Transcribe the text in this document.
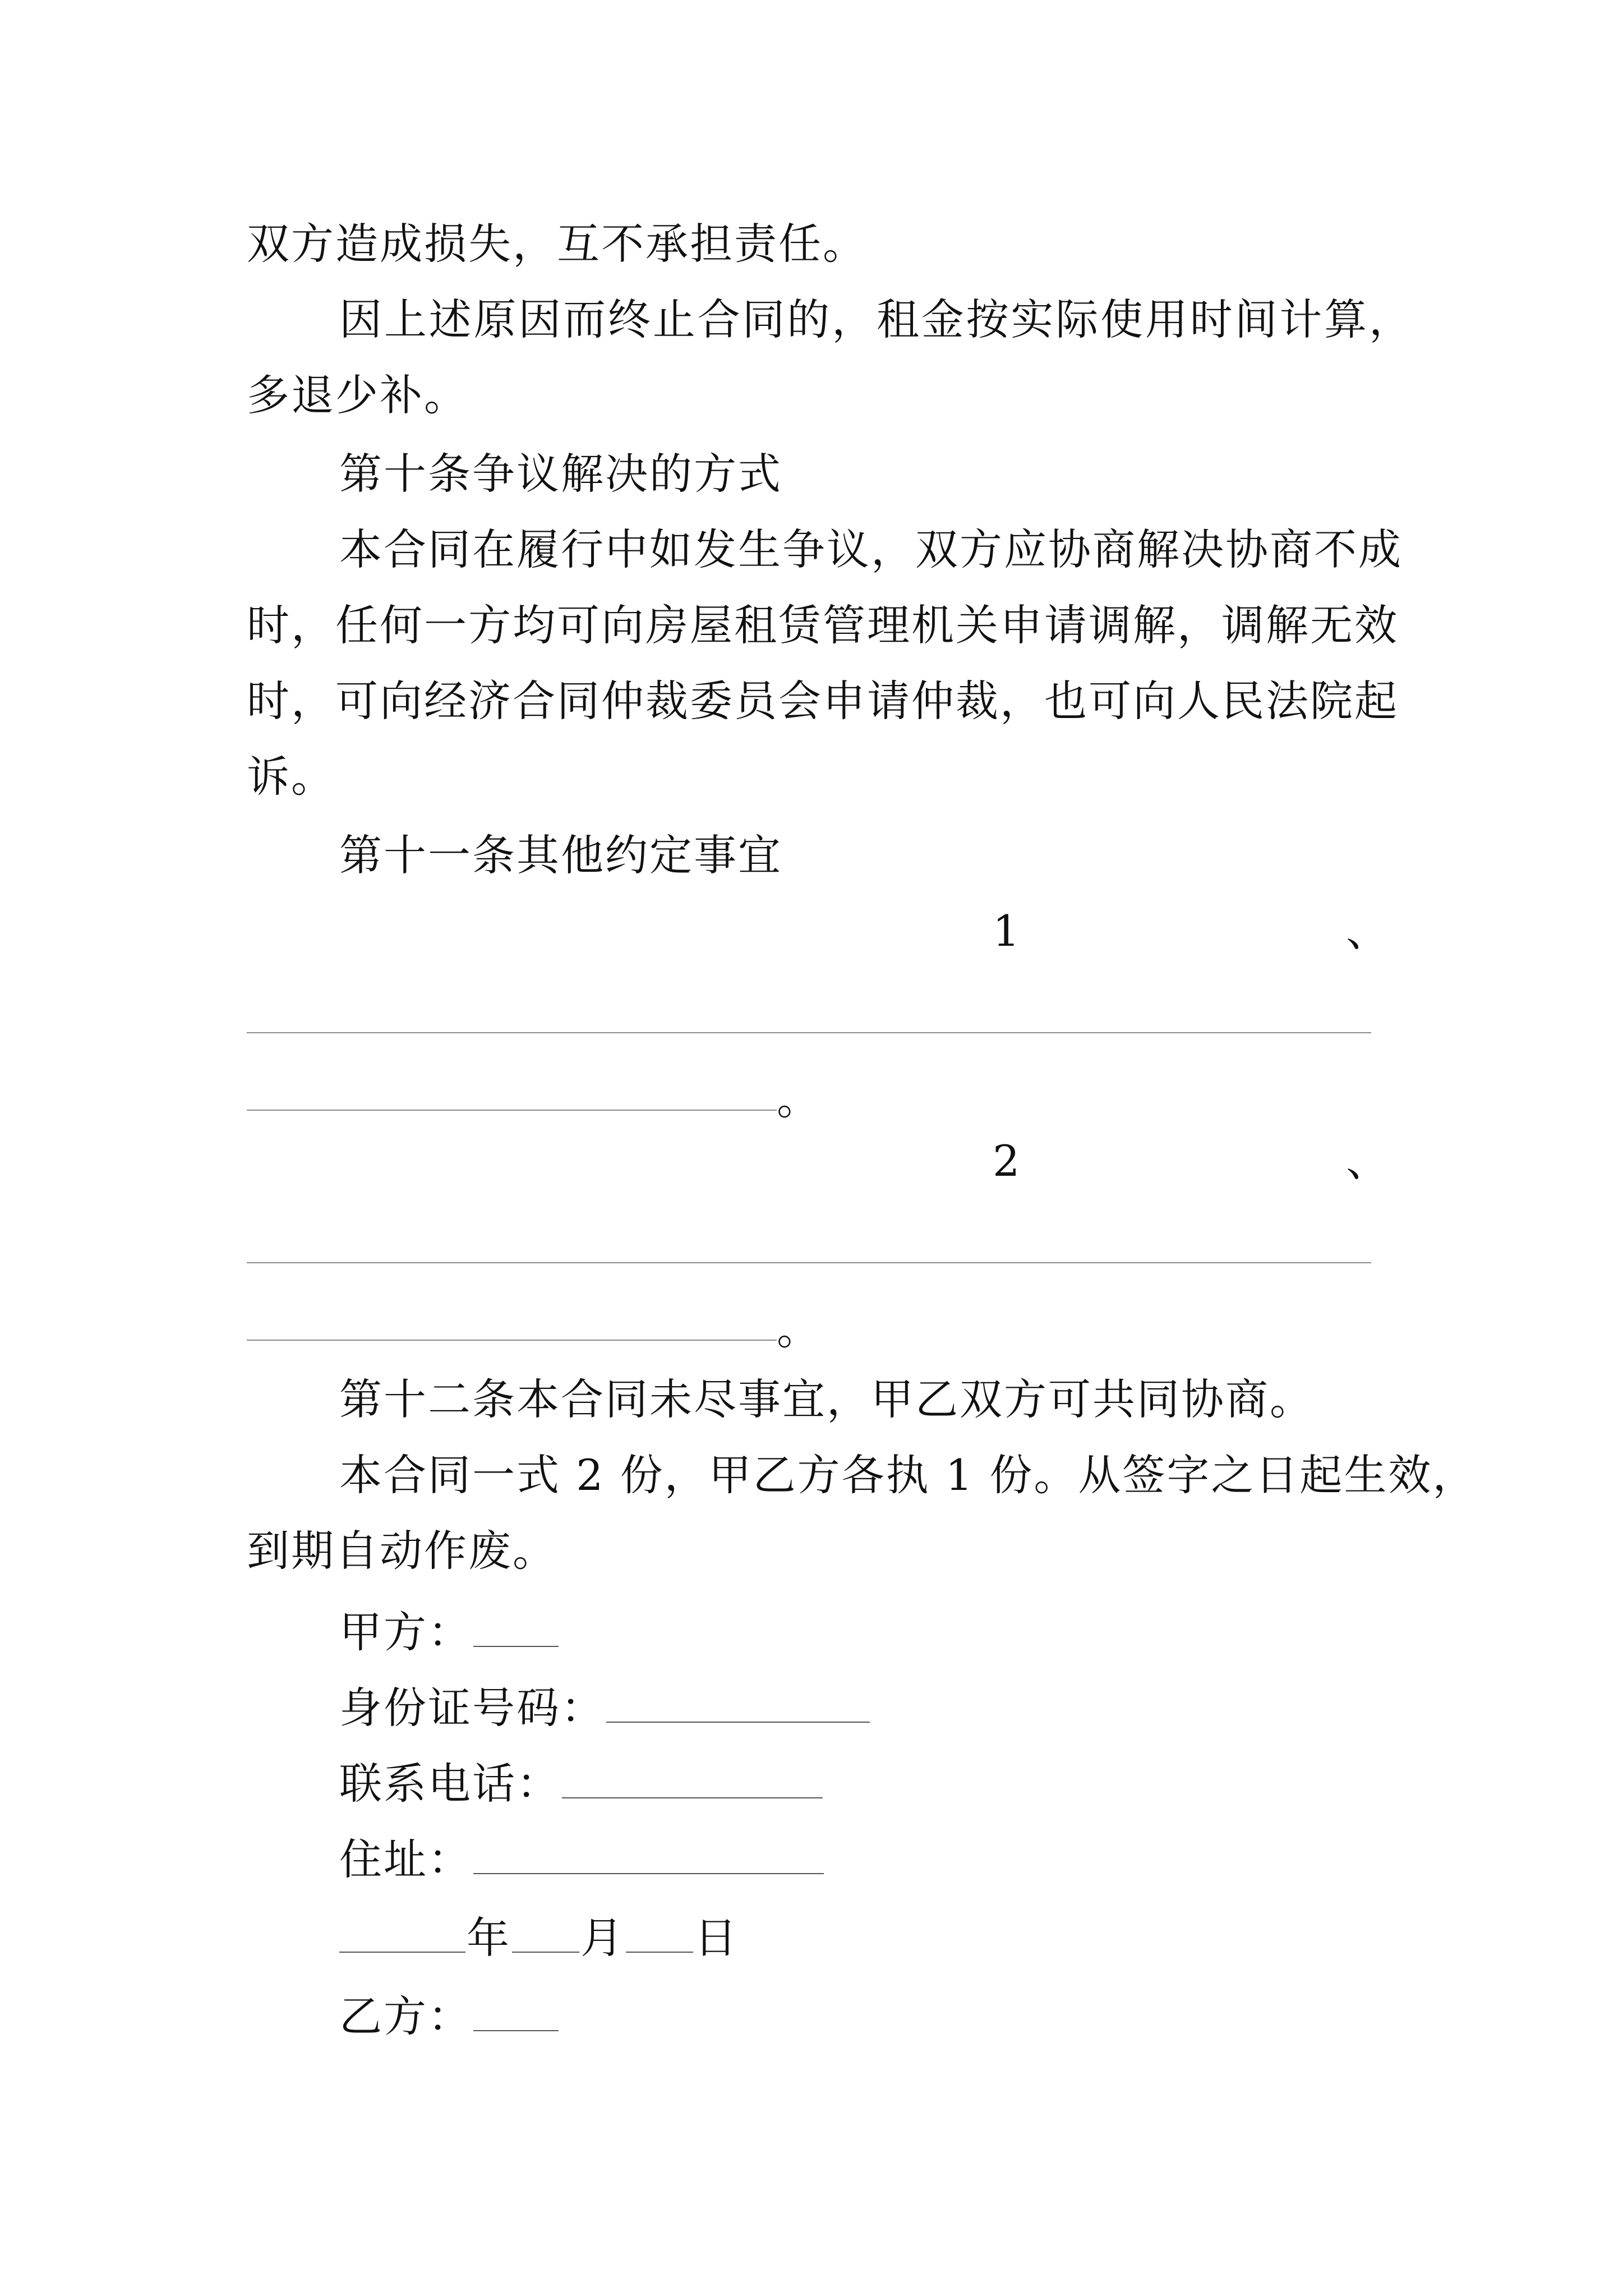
双方造成损失，互不承担责任。
因上述原因而终止合同的，租金按实际使用时间计算，
多退少补。
第十条争议解决的方式
本合同在履行中如发生争议，双方应协商解决协商不成
时，任何一方均可向房屋租赁管理机关申请调解，调解无效
时，可向经济合同仲裁委员会申请仲裁，也可向人民法院起
诉。
第十一条其他约定事宜
1	、
。
2	、
。
第十二条本合同未尽事宜，甲乙双方可共同协商。
本合同一式 2 份，甲乙方各执 1 份。从签字之日起生效，
到期自动作废。
甲方：
身份证号码：
联系电话：
住址：
年 月 日
乙方：
